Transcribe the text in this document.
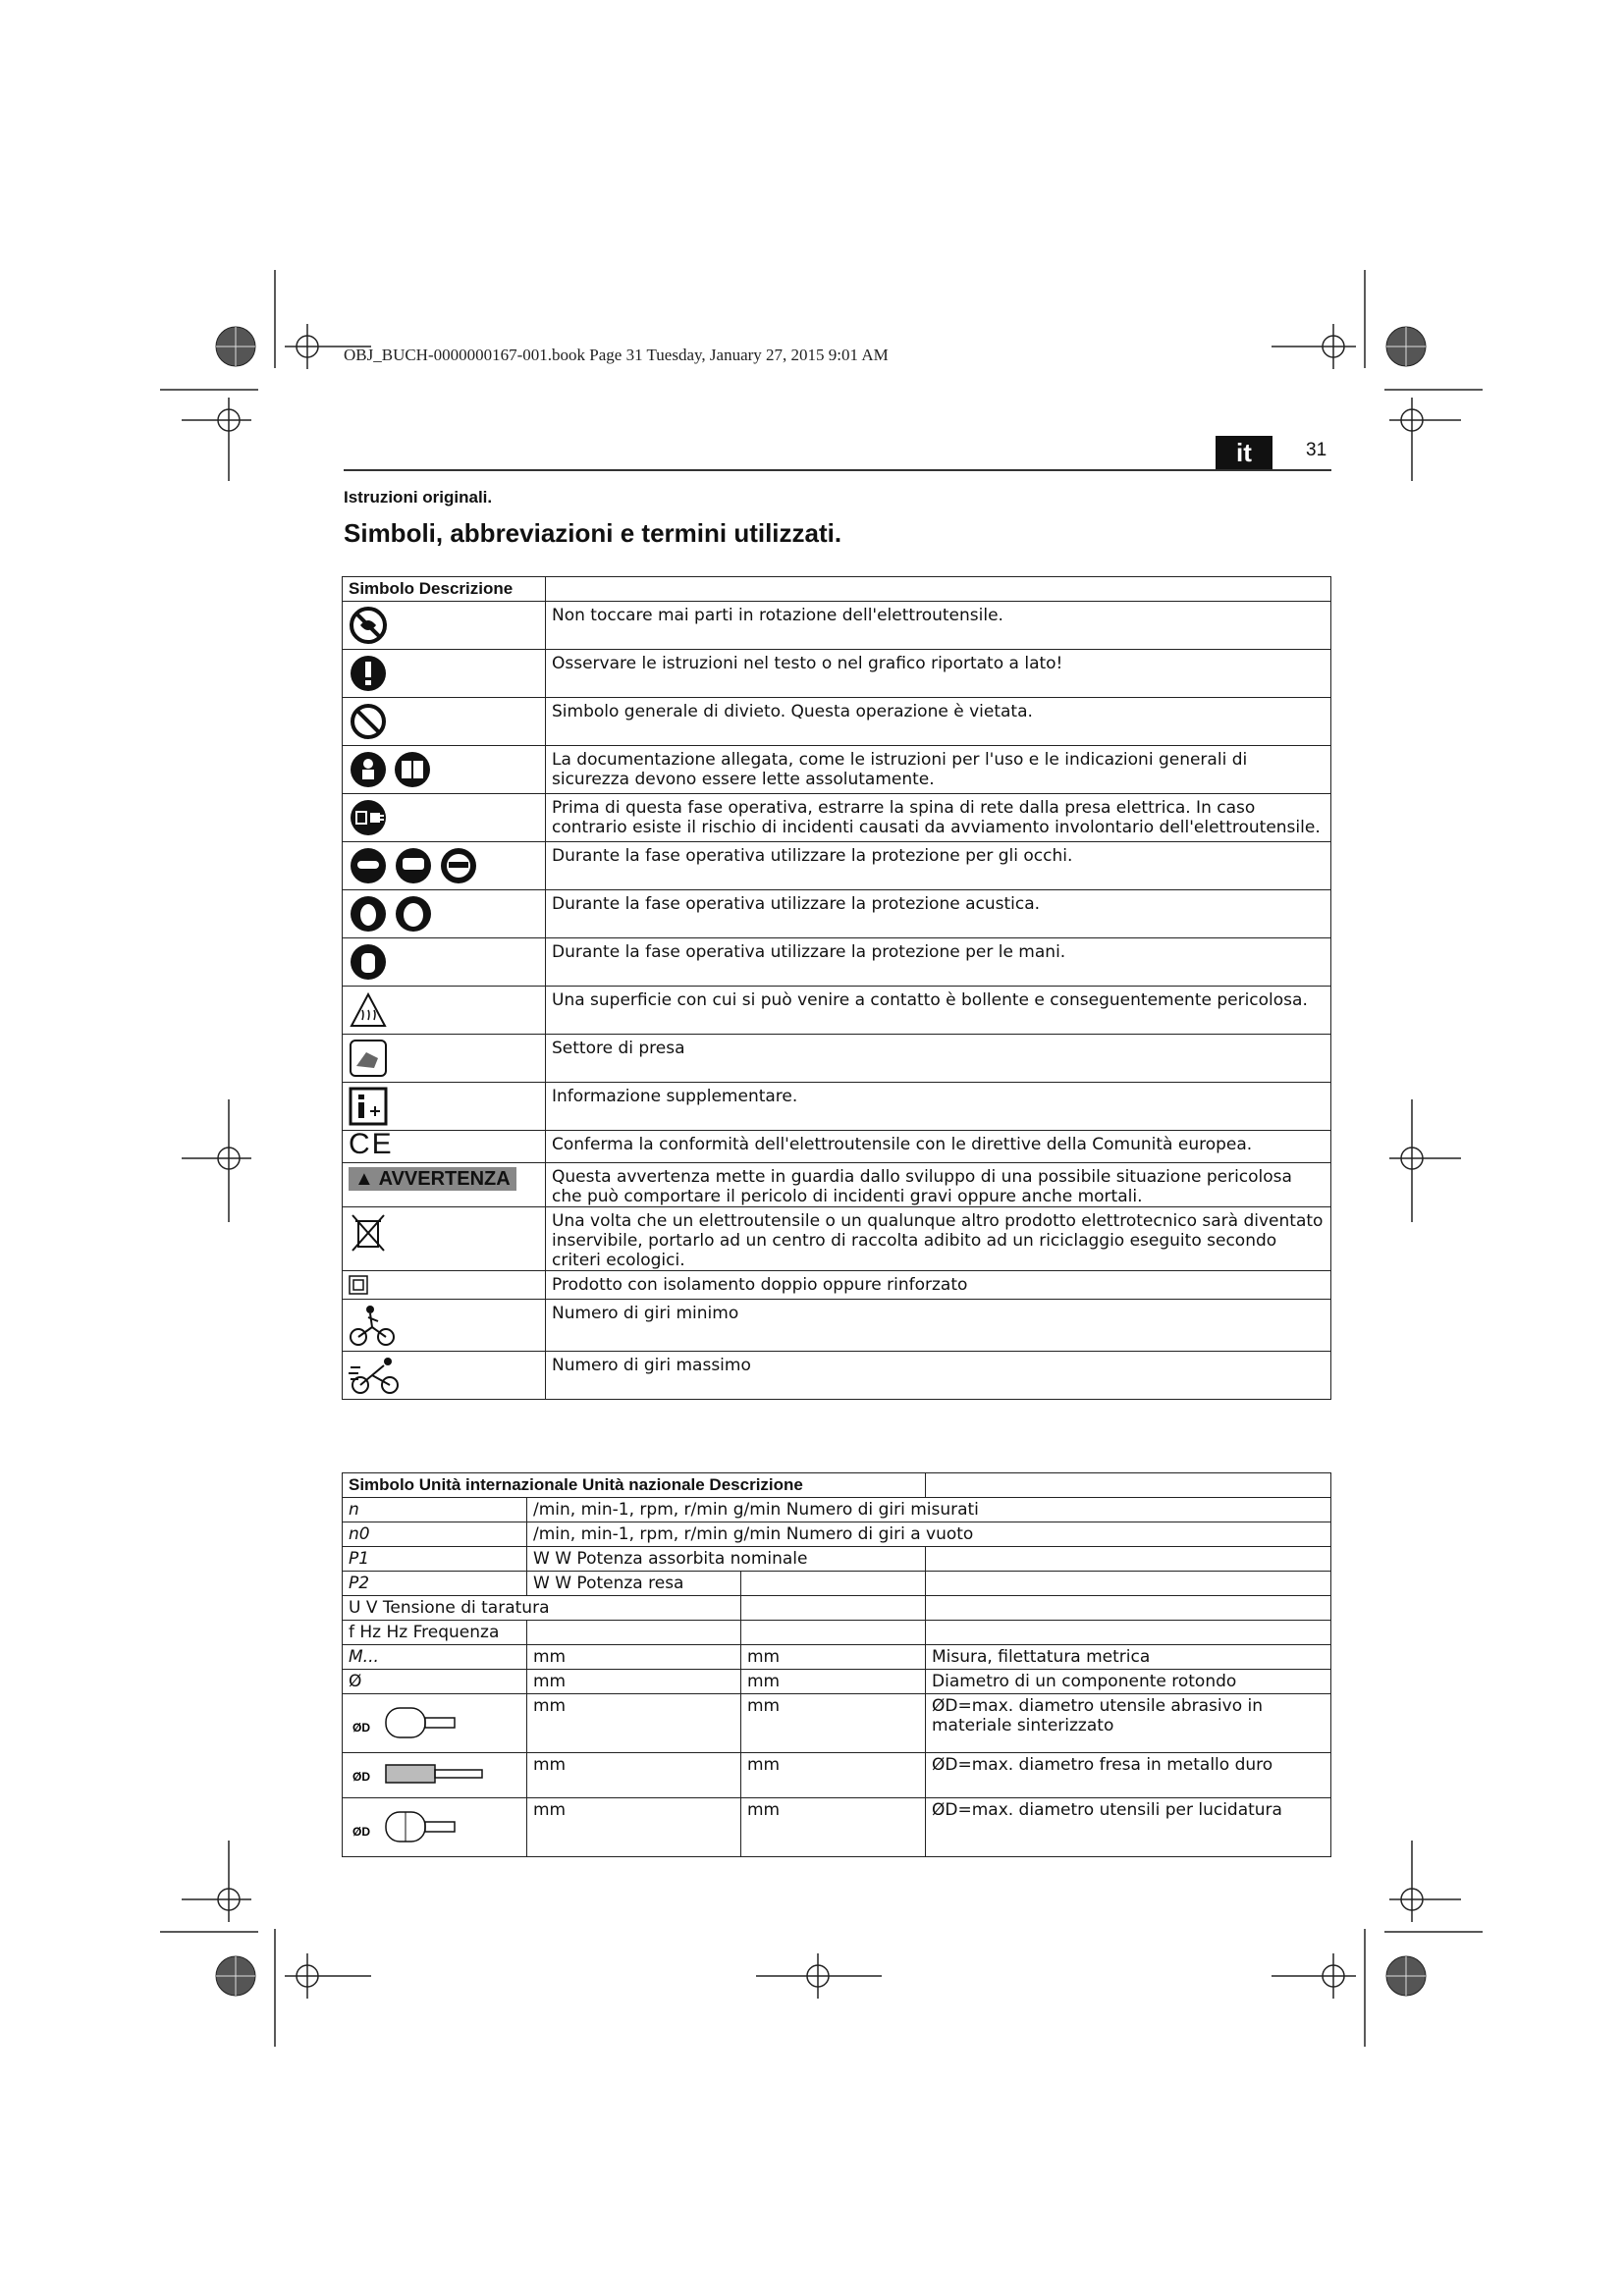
OBJ_BUCH-0000000167-001.book Page 31 Tuesday, January 27, 2015 9:01 AM
it	31
Istruzioni originali.
Simboli, abbreviazioni e termini utilizzati.
Simbolo Descrizione	
	Non toccare mai parti in rotazione dell'elettroutensile.
	Osservare le istruzioni nel testo o nel grafico riportato a lato!
	Simbolo generale di divieto. Questa operazione è vietata.
	La documentazione allegata, come le istruzioni per l'uso e le indicazioni generali di sicurezza devono essere lette assolutamente.
	Prima di questa fase operativa, estrarre la spina di rete dalla presa elettrica. In caso contrario esiste il rischio di incidenti causati da avviamento involontario dell'elettroutensile.
	Durante la fase operativa utilizzare la protezione per gli occhi.
	Durante la fase operativa utilizzare la protezione acustica.
	Durante la fase operativa utilizzare la protezione per le mani.
	Una superficie con cui si può venire a contatto è bollente e conseguentemente pericolosa.
	Settore di presa
	Informazione supplementare.
CE	Conferma la conformità dell'elettroutensile con le direttive della Comunità europea.
▲ AVVERTENZA	Questa avvertenza mette in guardia dallo sviluppo di una possibile situazione pericolosa che può comportare il pericolo di incidenti gravi oppure anche mortali.
	Una volta che un elettroutensile o un qualunque altro prodotto elettrotecnico sarà diventato inservibile, portarlo ad un centro di raccolta adibito ad un riciclaggio eseguito secondo criteri ecologici.
	Prodotto con isolamento doppio oppure rinforzato
	Numero di giri minimo
	Numero di giri massimo
Simbolo Unità internazionale Unità nazionale Descrizione			
n	/min, min-1, rpm, r/min g/min Numero di giri misurati		
n0	/min, min-1, rpm, r/min g/min Numero di giri a vuoto		
P1	W W Potenza assorbita nominale		
P2	W W Potenza resa		
U V Tensione di taratura			
f Hz Hz Frequenza			
M...	mm	mm	Misura, filettatura metrica
Ø	mm	mm	Diametro di un componente rotondo

ØD	mm	mm	ØD=max. diametro utensile abrasivo in materiale sinterizzato

ØD	mm	mm	ØD=max. diametro fresa in metallo duro

ØD	mm	mm	ØD=max. diametro utensili per lucidatura
